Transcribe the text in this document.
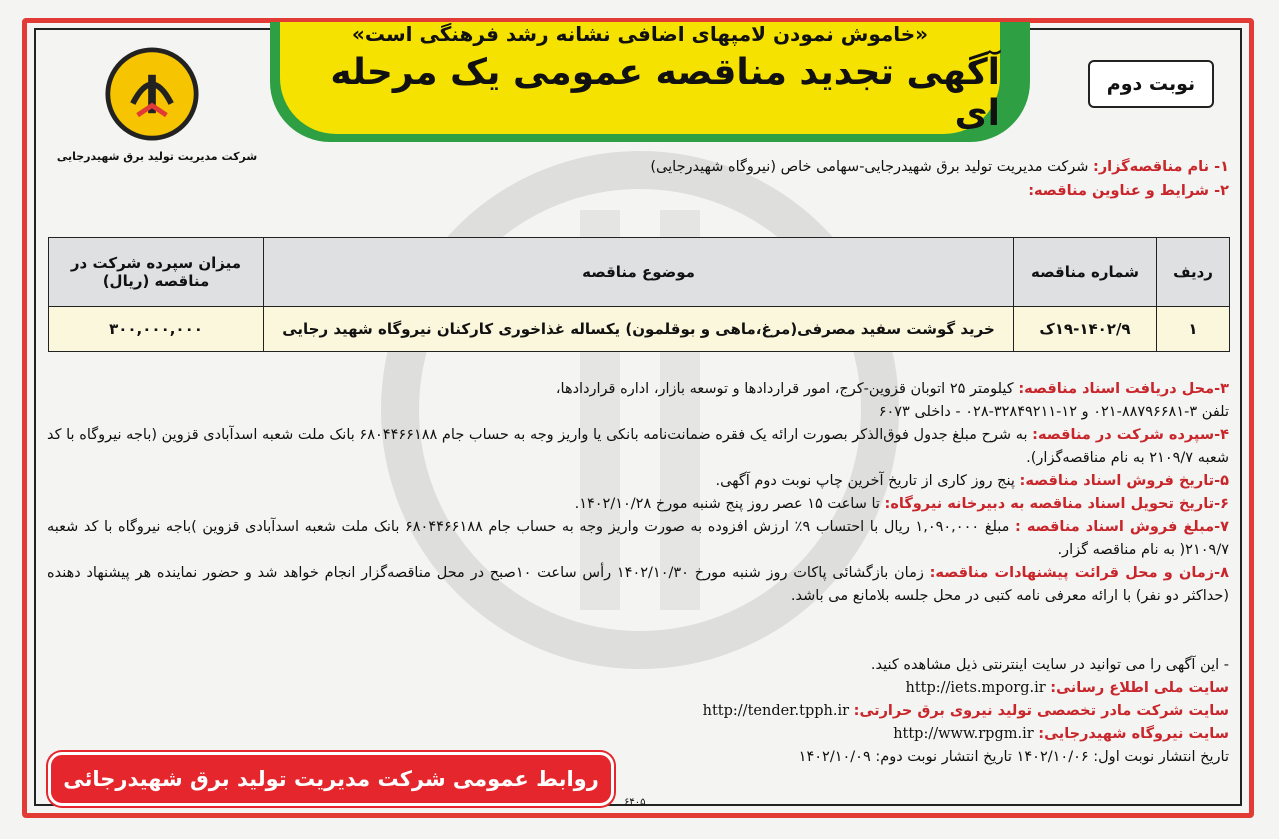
«خاموش نمودن لامپهای اضافی نشانه رشد فرهنگی است»
آگهی تجدید مناقصه عمومی یک مرحله ای
نوبت دوم
شرکت مدیریت تولید برق شهیدرجایی
۱- نام مناقصه‌گزار: شرکت مدیریت تولید برق شهیدرجایی-سهامی خاص (نیروگاه شهیدرجایی)
۲- شرایط و عناوین مناقصه:
ردیف	شماره مناقصه	موضوع مناقصه	میزان سپرده شرکت در مناقصه (ریال)
۱	۱۹-۱۴۰۲/۹ک	خرید گوشت سفید مصرفی(مرغ،ماهی و بوقلمون) یکساله غذاخوری کارکنان نیروگاه شهید رجایی	۳۰۰,۰۰۰,۰۰۰
۳-محل دریافت اسناد مناقصه: کیلومتر ۲۵ اتوبان قزوین-کرج، امور قراردادها و توسعه بازار، اداره قراردادها،
تلفن ۳-۸۸۷۹۶۶۸۱-۰۲۱ و ۱۲-۳۲۸۴۹۲۱۱-۰۲۸ - داخلی ۶۰۷۳
۴-سپرده شرکت در مناقصه: به شرح مبلغ جدول فوق‌الذکر بصورت ارائه یک فقره ضمانت‌نامه بانکی یا واریز وجه به حساب جام ۶۸۰۴۴۶۶۱۸۸ بانک ملت شعبه اسدآبادی قزوین (باجه نیروگاه با کد شعبه ۲۱۰۹/۷ به نام مناقصه‌گزار).
۵-تاریخ فروش اسناد مناقصه: پنج روز کاری از تاریخ آخرین چاپ نوبت دوم آگهی.
۶-تاریخ تحویل اسناد مناقصه به دبیرخانه نیروگاه: تا ساعت ۱۵ عصر روز پنج شنبه مورخ ۱۴۰۲/۱۰/۲۸.
۷-مبلغ فروش اسناد مناقصه : مبلغ ۱,۰۹۰,۰۰۰ ریال با احتساب ۹٪ ارزش افزوده به صورت واریز وجه به حساب جام ۶۸۰۴۴۶۶۱۸۸ بانک ملت شعبه اسدآبادی قزوین )باجه نیروگاه با کد شعبه ۲۱۰۹/۷( به نام مناقصه گزار.
۸-زمان و محل قرائت پیشنهادات مناقصه: زمان بازگشائی پاکات روز شنبه مورخ ۱۴۰۲/۱۰/۳۰ رأس ساعت ۱۰صبح در محل مناقصه‌گزار انجام خواهد شد و حضور نماینده هر پیشنهاد دهنده (حداکثر دو نفر) با ارائه معرفی نامه کتبی در محل جلسه بلامانع می باشد.
- این آگهی را می توانید در سایت اینترنتی ذیل مشاهده کنید.
سایت ملی اطلاع رسانی: http://iets.mporg.ir
سایت شرکت مادر تخصصی تولید نیروی برق حرارتی: http://tender.tpph.ir
سایت نیروگاه شهیدرجایی: http://www.rpgm.ir
تاریخ انتشار نوبت اول: ۱۴۰۲/۱۰/۰۶ تاریخ انتشار نوبت دوم: ۱۴۰۲/۱۰/۰۹
روابط عمومی شرکت مدیریت تولید برق شهیدرجائی
۶۴۰۵
